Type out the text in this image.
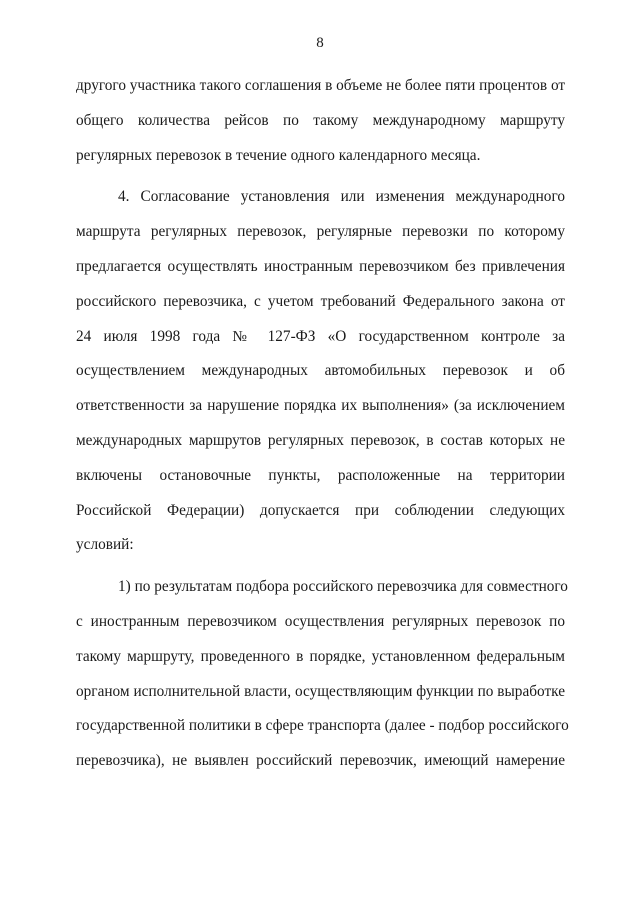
8
другого участника такого соглашения в объеме не более пяти процентов от
общего количества рейсов по такому международному маршруту
регулярных перевозок в течение одного календарного месяца.
4. Согласование установления или изменения международного
маршрута регулярных перевозок, регулярные перевозки по которому
предлагается осуществлять иностранным перевозчиком без привлечения
российского перевозчика, с учетом требований Федерального закона от
24 июля 1998 года № 127-ФЗ «О государственном контроле за
осуществлением международных автомобильных перевозок и об
ответственности за нарушение порядка их выполнения» (за исключением
международных маршрутов регулярных перевозок, в состав которых не
включены остановочные пункты, расположенные на территории
Российской Федерации) допускается при соблюдении следующих
условий:
1) по результатам подбора российского перевозчика для совместного
с иностранным перевозчиком осуществления регулярных перевозок по
такому маршруту, проведенного в порядке, установленном федеральным
органом исполнительной власти, осуществляющим функции по выработке
государственной политики в сфере транспорта (далее - подбор российского
перевозчика), не выявлен российский перевозчик, имеющий намерение
